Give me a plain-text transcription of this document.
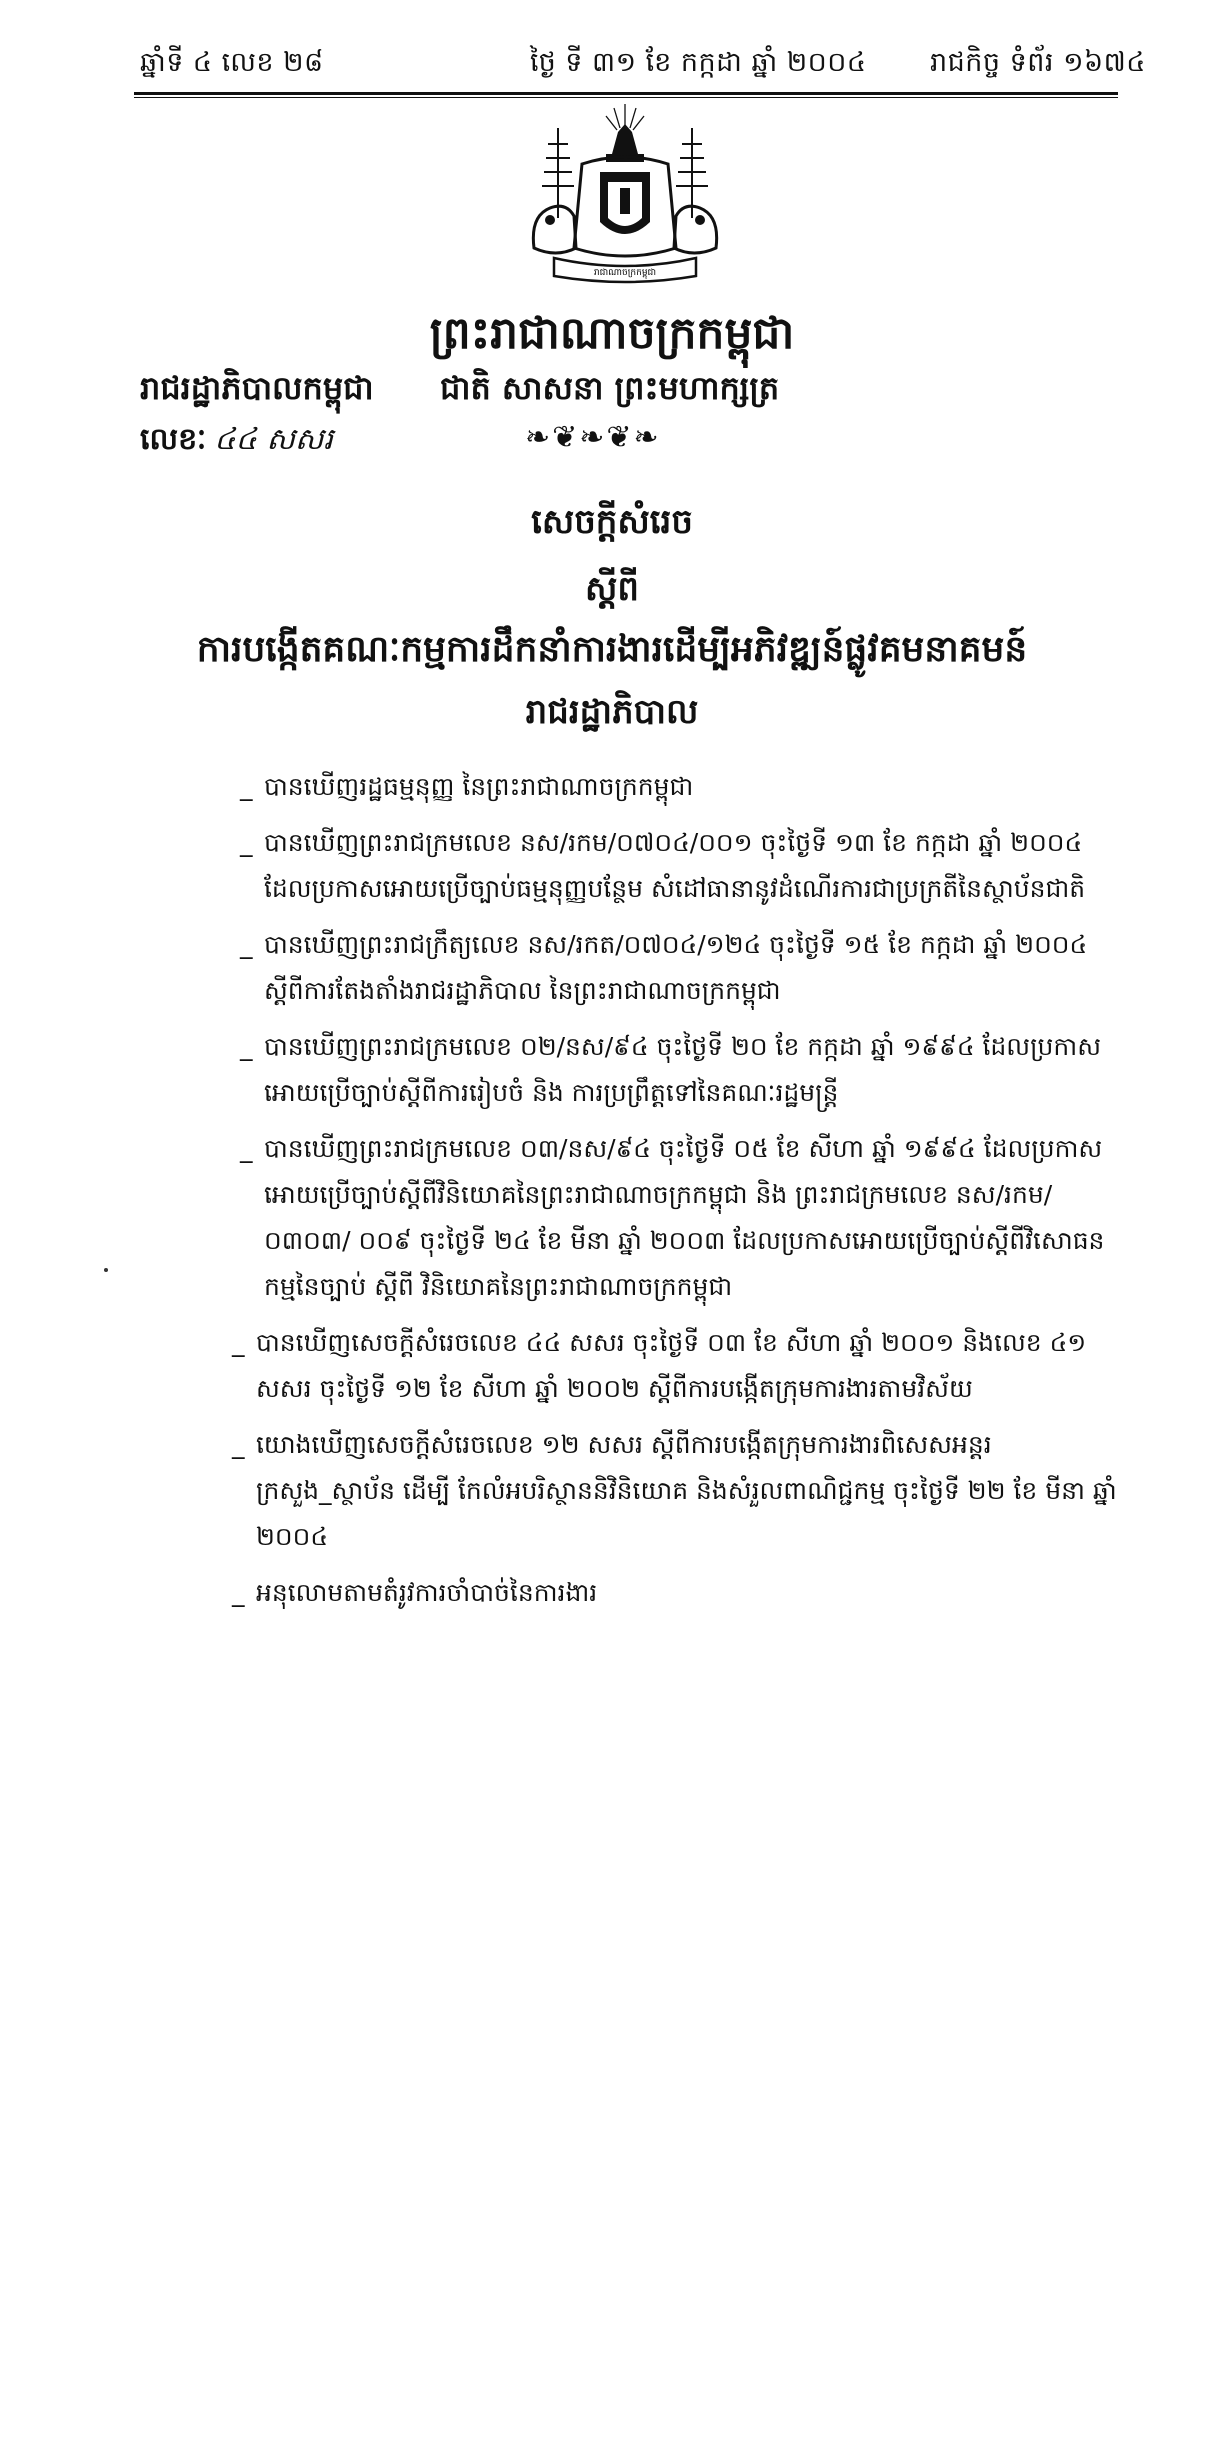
ឆ្នាំទី ៤ លេខ ២៨	ថ្ងៃ ទី ៣១ ខែ កក្កដា ឆ្នាំ ២០០៤ រាជកិច្ច ទំព័រ ១៦៧៤
រាជាណាចក្រកម្ពុជា
ព្រះរាជាណាចក្រកម្ពុជា
រាជរដ្ឋាភិបាលកម្ពុជា ជាតិ សាសនា ព្រះមហាក្សត្រ
លេខៈ ៤៤ សសរ	❧❦❧❦❧
សេចក្តីសំរេច
ស្តីពី
ការបង្កើតគណៈកម្មការដឹកនាំការងារដើម្បីអភិវឌ្ឍន៍ផ្លូវគមនាគមន៍
រាជរដ្ឋាភិបាល
_ បានឃើញរដ្ឋធម្មនុញ្ញ នៃព្រះរាជាណាចក្រកម្ពុជា
_ បានឃើញព្រះរាជក្រមលេខ នស/រកម/០៧០៤/០០១ ចុះថ្ងៃទី ១៣ ខែ កក្កដា ឆ្នាំ ២០០៤ ដែលប្រកាសអោយប្រើច្បាប់ធម្មនុញ្ញបន្ថែម សំដៅធានានូវដំណើរការជាប្រក្រតីនៃស្ថាប័នជាតិ
_ បានឃើញព្រះរាជក្រឹត្យលេខ នស/រកត/០៧០៤/១២៤ ចុះថ្ងៃទី ១៥ ខែ កក្កដា ឆ្នាំ ២០០៤ ស្តីពីការតែងតាំងរាជរដ្ឋាភិបាល នៃព្រះរាជាណាចក្រកម្ពុជា
_ បានឃើញព្រះរាជក្រមលេខ ០២/នស/៩៤ ចុះថ្ងៃទី ២០ ខែ កក្កដា ឆ្នាំ ១៩៩៤ ដែលប្រកាស អោយប្រើច្បាប់ស្តីពីការរៀបចំ និង ការប្រព្រឹត្តទៅនៃគណៈរដ្ឋមន្ត្រី
_ បានឃើញព្រះរាជក្រមលេខ ០៣/នស/៩៤ ចុះថ្ងៃទី ០៥ ខែ សីហា ឆ្នាំ ១៩៩៤ ដែលប្រកាស អោយប្រើច្បាប់ស្តីពីវិនិយោគនៃព្រះរាជាណាចក្រកម្ពុជា និង ព្រះរាជក្រមលេខ នស/រកម/០៣០៣/ ០០៩ ចុះថ្ងៃទី ២៤ ខែ មីនា ឆ្នាំ ២០០៣ ដែលប្រកាសអោយប្រើច្បាប់ស្តីពីវិសោធនកម្មនៃច្បាប់ ស្តីពី វិនិយោគនៃព្រះរាជាណាចក្រកម្ពុជា
_ បានឃើញសេចក្តីសំរេចលេខ ៤៤ សសរ ចុះថ្ងៃទី ០៣ ខែ សីហា ឆ្នាំ ២០០១ និងលេខ ៤១ សសរ ចុះថ្ងៃទី ១២ ខែ សីហា ឆ្នាំ ២០០២ ស្តីពីការបង្កើតក្រុមការងារតាមវិស័យ
_ យោងឃើញសេចក្តីសំរេចលេខ ១២ សសរ ស្តីពីការបង្កើតក្រុមការងារពិសេសអន្តរក្រសួង_ស្ថាប័ន ដើម្បី កែលំអបរិស្ថាននិវិនិយោគ និងសំរួលពាណិជ្ជកម្ម ចុះថ្ងៃទី ២២ ខែ មីនា ឆ្នាំ ២០០៤
_ អនុលោមតាមតំរូវការចាំបាច់នៃការងារ
